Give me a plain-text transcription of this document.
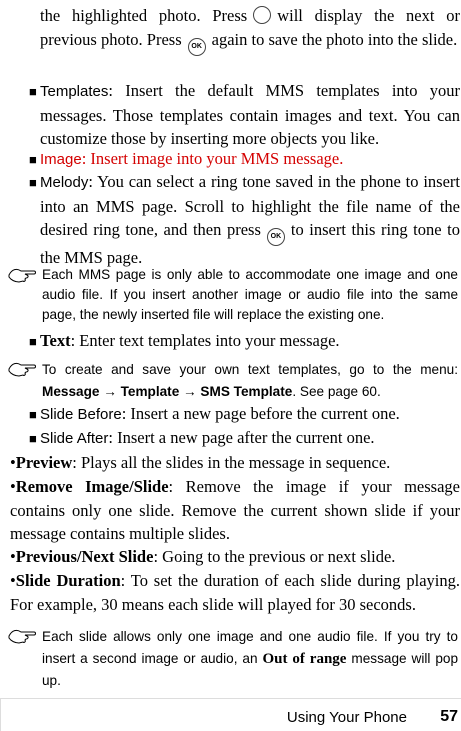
the highlighted photo. Press will display the next or previous photo. Press OK again to save the photo into the slide.
■ Templates: Insert the default MMS templates into your messages. Those templates contain images and text. You can customize those by inserting more objects you like.
■ Image: Insert image into your MMS message.
■ Melody: You can select a ring tone saved in the phone to insert into an MMS page. Scroll to highlight the file name of the desired ring tone, and then press OK to insert this ring tone to the MMS page.
Each MMS page is only able to accommodate one image and one audio file. If you insert another image or audio file into the same page, the newly inserted file will replace the existing one.
■ Text: Enter text templates into your message.
To create and save your own text templates, go to the menu: Message → Template → SMS Template. See page 60.
■ Slide Before: Insert a new page before the current one.
■ Slide After: Insert a new page after the current one.
•Preview: Plays all the slides in the message in sequence.
•Remove Image/Slide: Remove the image if your message contains only one slide. Remove the current shown slide if your message contains multiple slides.
•Previous/Next Slide: Going to the previous or next slide.
•Slide Duration: To set the duration of each slide during playing. For example, 30 means each slide will played for 30 seconds.
Each slide allows only one image and one audio file. If you try to insert a second image or audio, an Out of range message will pop up.
Using Your Phone 57
